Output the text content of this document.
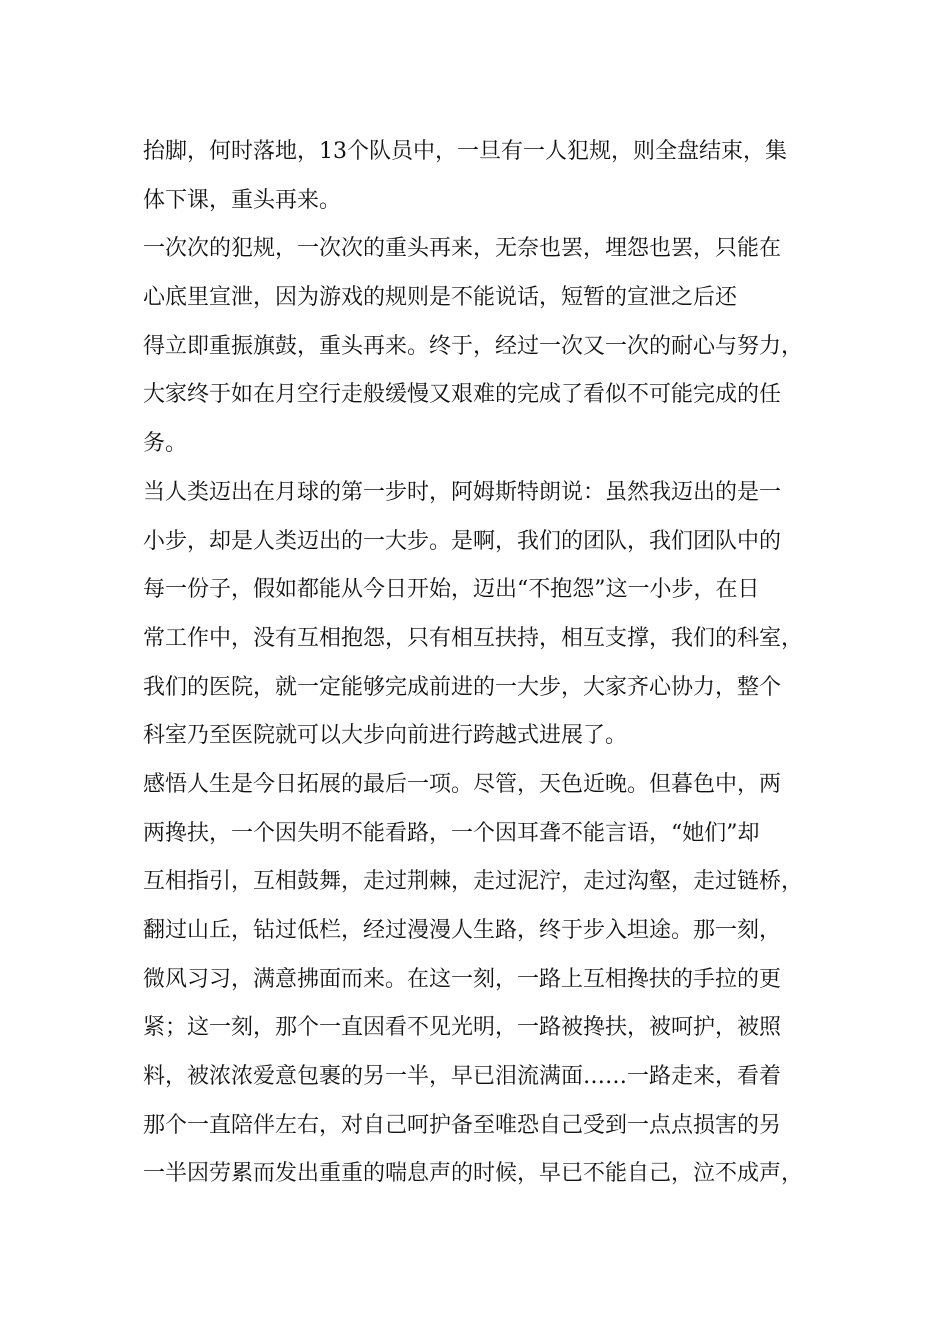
抬脚，何时落地，13个队员中，一旦有一人犯规，则全盘结束，集
体下课，重头再来。
一次次的犯规，一次次的重头再来，无奈也罢，埋怨也罢，只能在
心底里宣泄，因为游戏的规则是不能说话，短暂的宣泄之后还
得立即重振旗鼓，重头再来。终于，经过一次又一次的耐心与努力，
大家终于如在月空行走般缓慢又艰难的完成了看似不可能完成的任
务。
当人类迈出在月球的第一步时，阿姆斯特朗说：虽然我迈出的是一
小步，却是人类迈出的一大步。是啊，我们的团队，我们团队中的
每一份子，假如都能从今日开始，迈出“不抱怨”这一小步，在日
常工作中，没有互相抱怨，只有相互扶持，相互支撑，我们的科室，
我们的医院，就一定能够完成前进的一大步，大家齐心协力，整个
科室乃至医院就可以大步向前进行跨越式进展了。
感悟人生是今日拓展的最后一项。尽管，天色近晚。但暮色中，两
两搀扶，一个因失明不能看路，一个因耳聋不能言语，“她们”却
互相指引，互相鼓舞，走过荆棘，走过泥泞，走过沟壑，走过链桥，
翻过山丘，钻过低栏，经过漫漫人生路，终于步入坦途。那一刻，
微风习习，满意拂面而来。在这一刻，一路上互相搀扶的手拉的更
紧；这一刻，那个一直因看不见光明，一路被搀扶，被呵护，被照
料，被浓浓爱意包裹的另一半，早已泪流满面……一路走来，看着
那个一直陪伴左右，对自己呵护备至唯恐自己受到一点点损害的另
一半因劳累而发出重重的喘息声的时候，早已不能自己，泣不成声，
